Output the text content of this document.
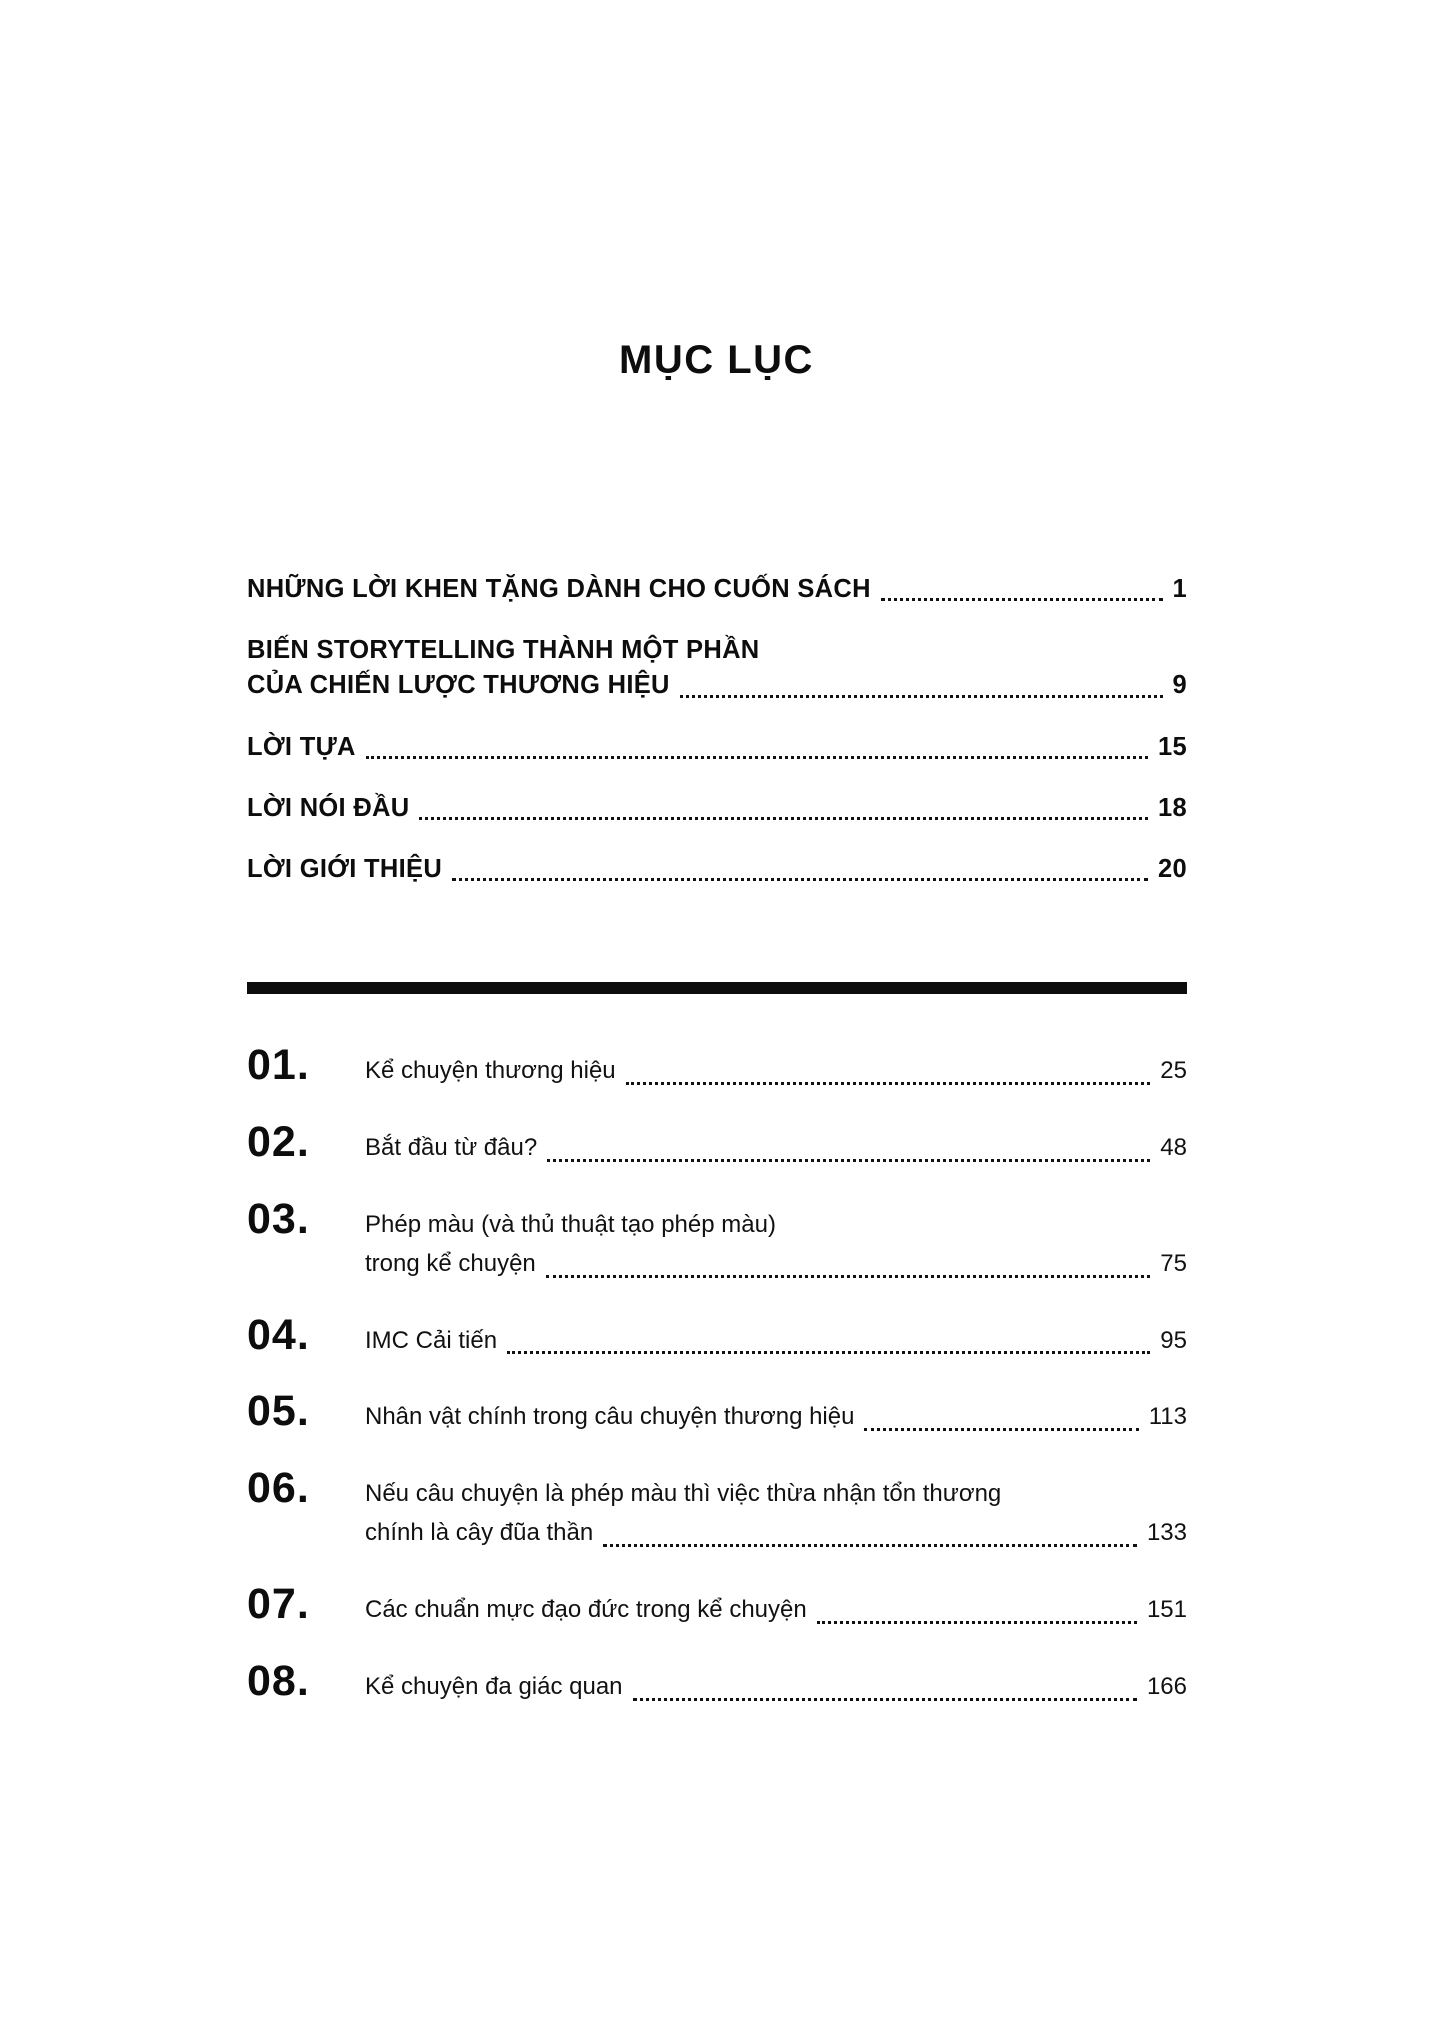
MỤC LỤC
NHỮNG LỜI KHEN TẶNG DÀNH CHO CUỐN SÁCH	1
BIẾN STORYTELLING THÀNH MỘT PHẦN
CỦA CHIẾN LƯỢC THƯƠNG HIỆU	9
LỜI TỰA	15
LỜI NÓI ĐẦU	18
LỜI GIỚI THIỆU	20
01.	Kể chuyện thương hiệu	25
02.	Bắt đầu từ đâu?	48
03.	Phép màu (và thủ thuật tạo phép màu)
trong kể chuyện	75
04.	IMC Cải tiến	95
05.	Nhân vật chính trong câu chuyện thương hiệu	113
06.	Nếu câu chuyện là phép màu thì việc thừa nhận tổn thương
chính là cây đũa thần	133
07.	Các chuẩn mực đạo đức trong kể chuyện	151
08.	Kể chuyện đa giác quan	166
